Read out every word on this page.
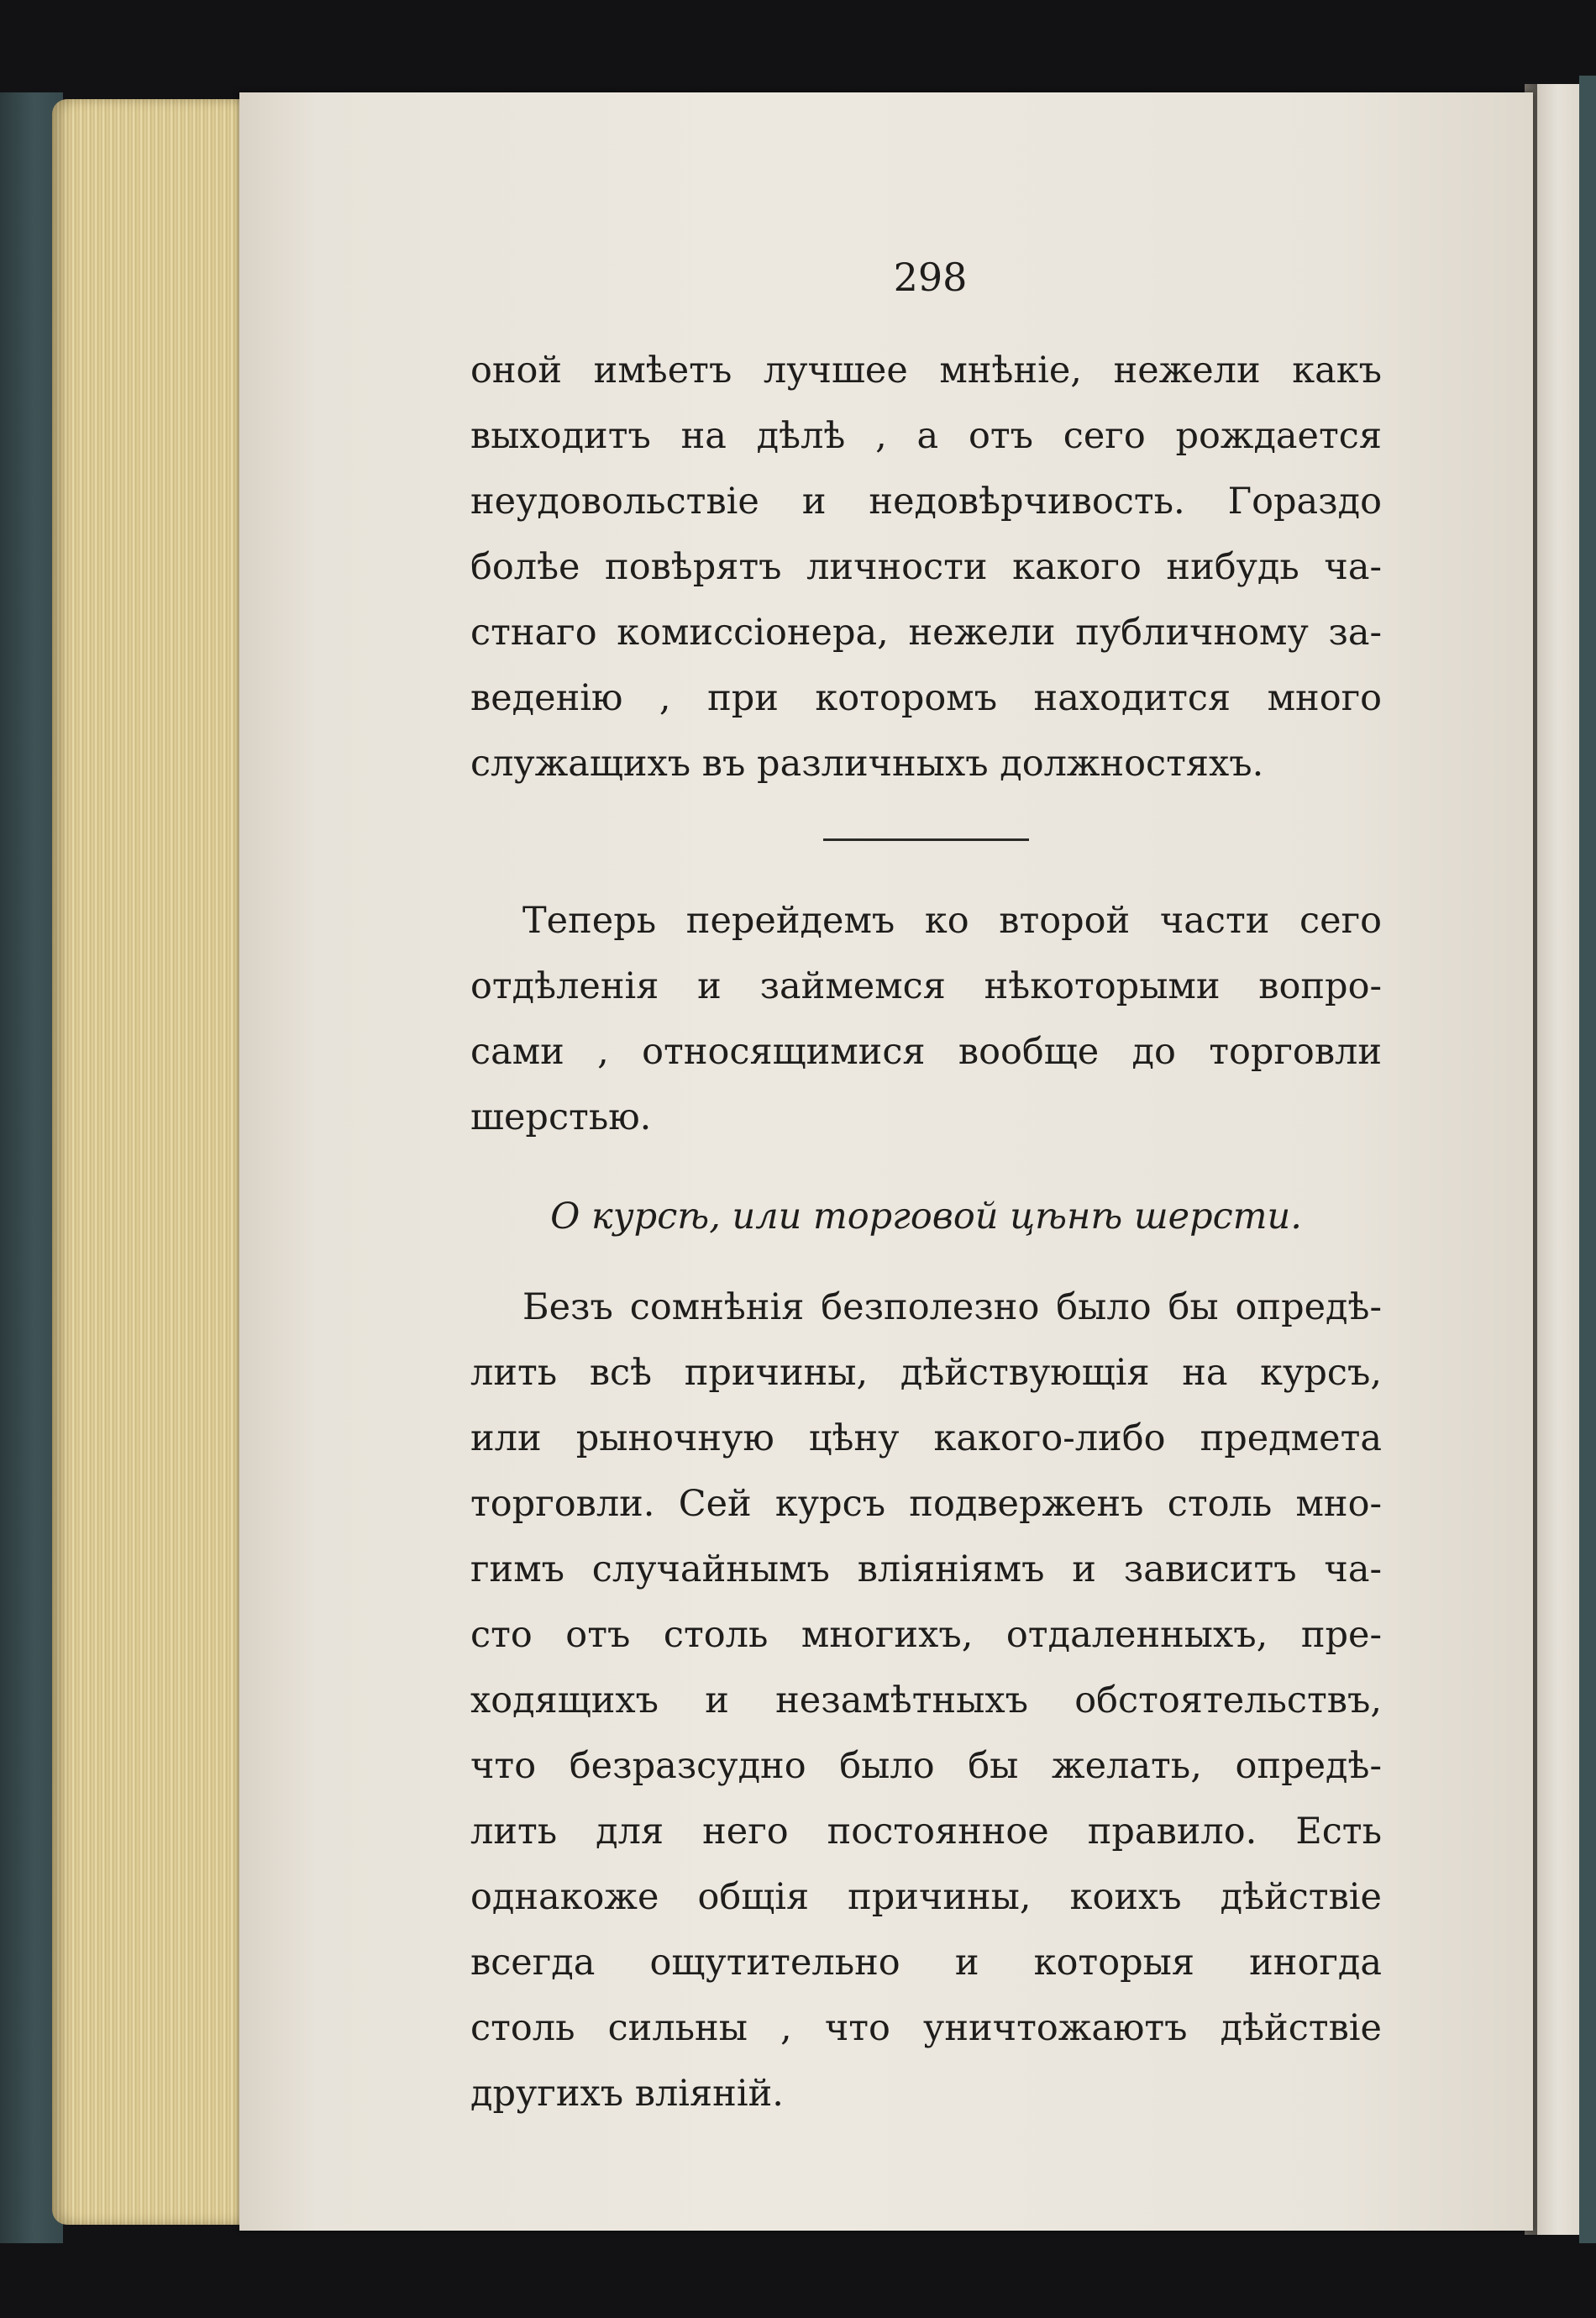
298
оной имѣетъ лучшее мнѣніе, нежели какъ
выходитъ на дѣлѣ , а отъ сего рождается
неудовольствіе и недовѣрчивость. Гораздо
болѣе повѣрятъ личности какого нибудь ча-
стнаго комиссіонера, нежели публичному за-
веденію , при которомъ находится много
служащихъ въ различныхъ должностяхъ.
Теперь перейдемъ ко второй части сего
отдѣленія и займемся нѣкоторыми вопро-
сами , относящимися вообще до торговли
шерстью.
О курсѣ, или торговой цѣнѣ шерсти.
Безъ сомнѣнія безполезно было бы опредѣ-
лить всѣ причины, дѣйствующія на курсъ,
или рыночную цѣну какого-либо предмета
торговли. Сей курсъ подверженъ столь мно-
гимъ случайнымъ вліяніямъ и зависитъ ча-
сто отъ столь многихъ, отдаленныхъ, пре-
ходящихъ и незамѣтныхъ обстоятельствъ,
что безразсудно было бы желать, опредѣ-
лить для него постоянное правило. Есть
однакоже общія причины, коихъ дѣйствіе
всегда ощутительно и которыя иногда
столь сильны , что уничтожаютъ дѣйствіе
другихъ вліяній.
